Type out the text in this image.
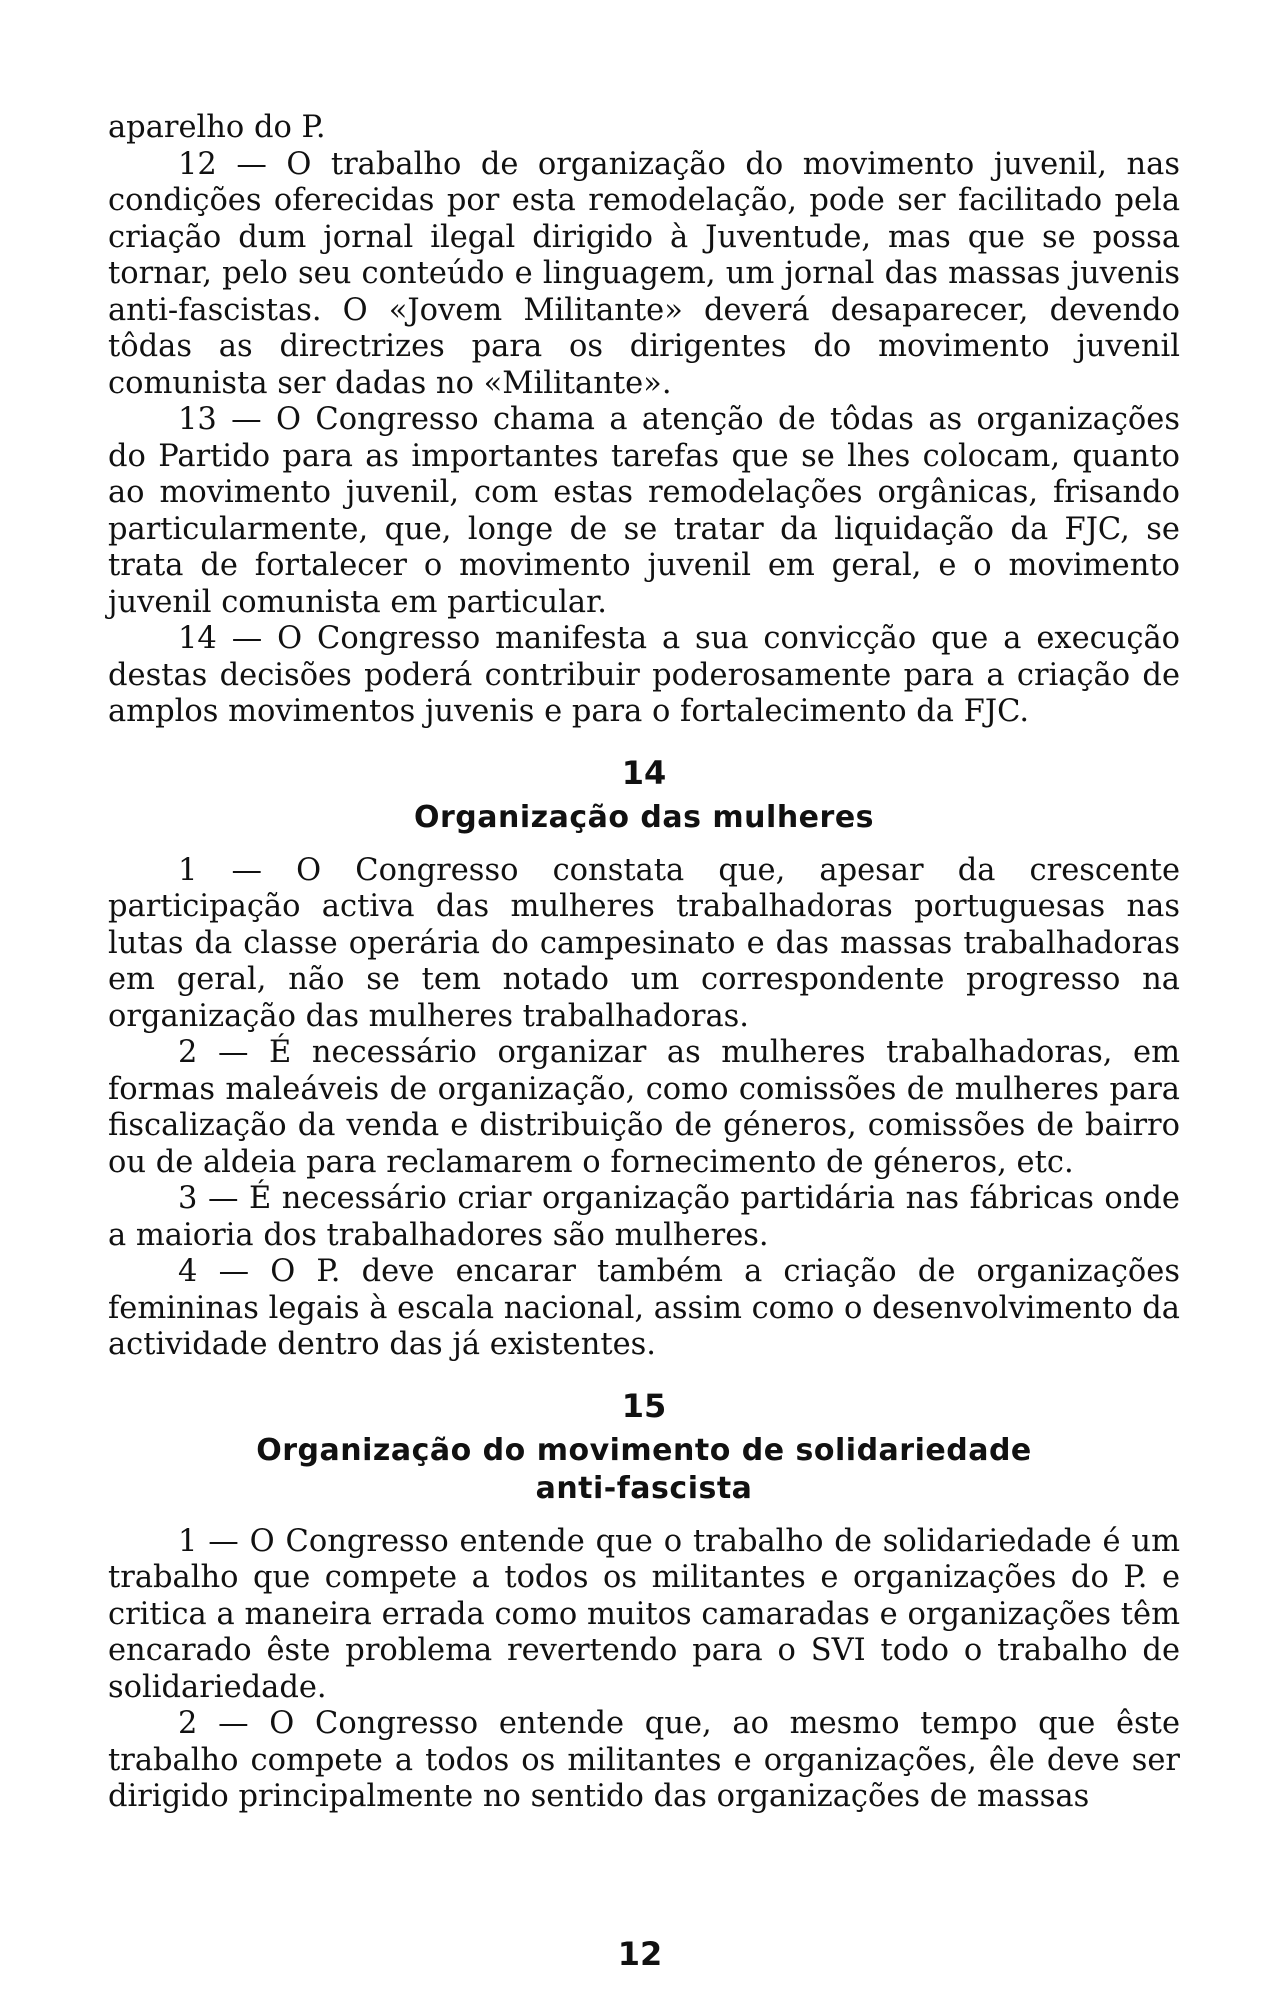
aparelho do P.

12 — O trabalho de organização do movimento juvenil, nas condições oferecidas por esta remodelação, pode ser facilitado pela criação dum jornal ilegal dirigido à Juventude, mas que se possa tornar, pelo seu conteúdo e linguagem, um jornal das massas juvenis anti-fascistas. O «Jovem Militante» deverá desaparecer, devendo tôdas as directrizes para os dirigentes do movimento juvenil comunista ser dadas no «Militante».

13 — O Congresso chama a atenção de tôdas as organizações do Partido para as importantes tarefas que se lhes colocam, quanto ao movimento juvenil, com estas remodelações orgânicas, frisando particularmente, que, longe de se tratar da liquidação da FJC, se trata de fortalecer o movimento juvenil em geral, e o movimento juvenil comunista em particular.

14 — O Congresso manifesta a sua convicção que a execução destas decisões poderá contribuir poderosamente para a criação de amplos movimentos juvenis e para o fortalecimento da FJC.

14
Organização das mulheres

1 — O Congresso constata que, apesar da crescente participação activa das mulheres trabalhadoras portuguesas nas lutas da classe operária do campesinato e das massas trabalhadoras em geral, não se tem notado um correspondente progresso na organização das mulheres trabalhadoras.

2 — É necessário organizar as mulheres trabalhadoras, em formas maleáveis de organização, como comissões de mulheres para fiscalização da venda e distribuição de géneros, comissões de bairro ou de aldeia para reclamarem o fornecimento de géneros, etc.

3 — É necessário criar organização partidária nas fábricas onde a maioria dos trabalhadores são mulheres.

4 — O P. deve encarar também a criação de organizações femininas legais à escala nacional, assim como o desenvolvimento da actividade dentro das já existentes.

15
Organização do movimento de solidariedade
anti-fascista

1 — O Congresso entende que o trabalho de solidariedade é um trabalho que compete a todos os militantes e organizações do P. e critica a maneira errada como muitos camaradas e organizações têm encarado êste problema revertendo para o SVI todo o trabalho de solidariedade.

2 — O Congresso entende que, ao mesmo tempo que êste trabalho compete a todos os militantes e organizações, êle deve ser dirigido principalmente no sentido das organizações de massas

12
